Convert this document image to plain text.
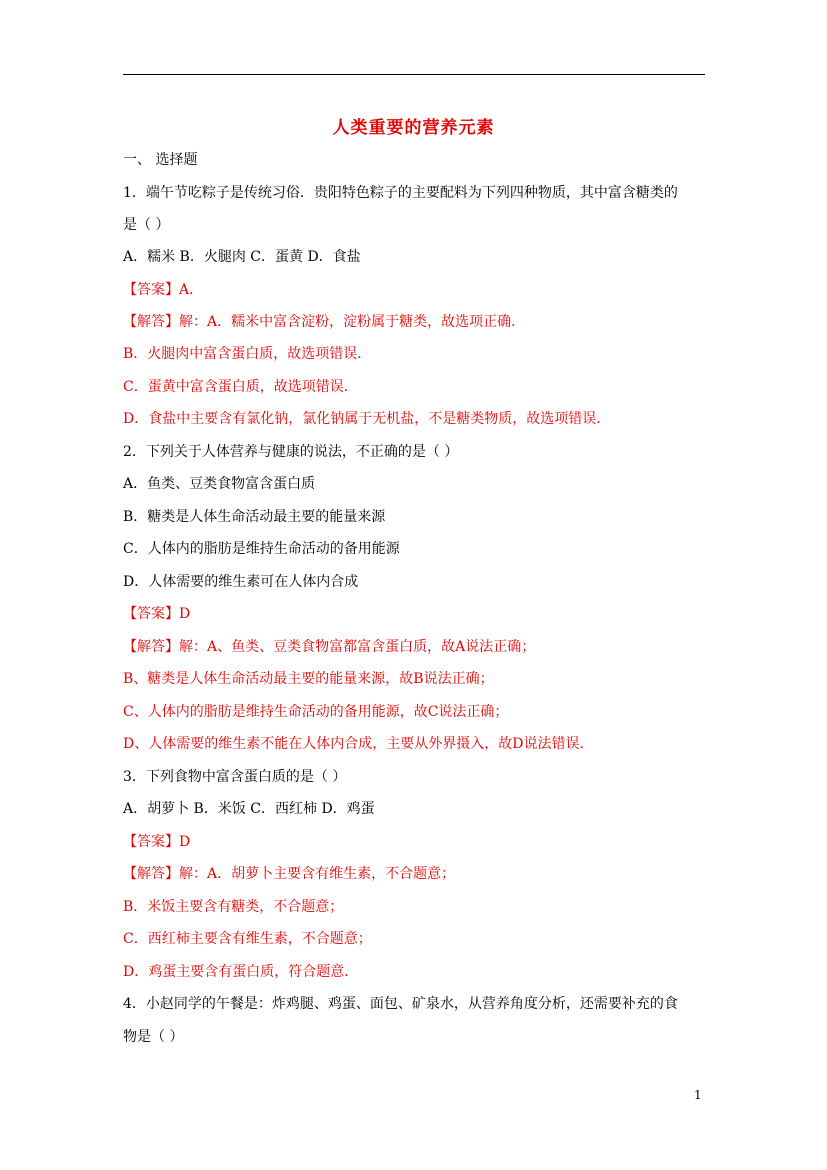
人类重要的营养元素
一、 选择题
1．端午节吃粽子是传统习俗．贵阳特色粽子的主要配料为下列四种物质，其中富含糖类的
是（ ）
A．糯米 B．火腿肉 C．蛋黄 D．食盐
【答案】A．
【解答】解：A．糯米中富含淀粉，淀粉属于糖类，故选项正确．
B．火腿肉中富含蛋白质，故选项错误．
C．蛋黄中富含蛋白质，故选项错误．
D．食盐中主要含有氯化钠，氯化钠属于无机盐，不是糖类物质，故选项错误．
2．下列关于人体营养与健康的说法，不正确的是（ ）
A．鱼类、豆类食物富含蛋白质
B．糖类是人体生命活动最主要的能量来源
C．人体内的脂肪是维持生命活动的备用能源
D．人体需要的维生素可在人体内合成
【答案】D
【解答】解：A、鱼类、豆类食物富都富含蛋白质，故A说法正确；
B、糖类是人体生命活动最主要的能量来源，故B说法正确；
C、人体内的脂肪是维持生命活动的备用能源，故C说法正确；
D、人体需要的维生素不能在人体内合成，主要从外界摄入，故D说法错误．
3．下列食物中富含蛋白质的是（ ）
A．胡萝卜 B．米饭 C．西红柿 D．鸡蛋
【答案】D
【解答】解：A．胡萝卜主要含有维生素，不合题意；
B．米饭主要含有糖类，不合题意；
C．西红柿主要含有维生素，不合题意；
D．鸡蛋主要含有蛋白质，符合题意．
4．小赵同学的午餐是：炸鸡腿、鸡蛋、面包、矿泉水，从营养角度分析，还需要补充的食
物是（ ）
1
